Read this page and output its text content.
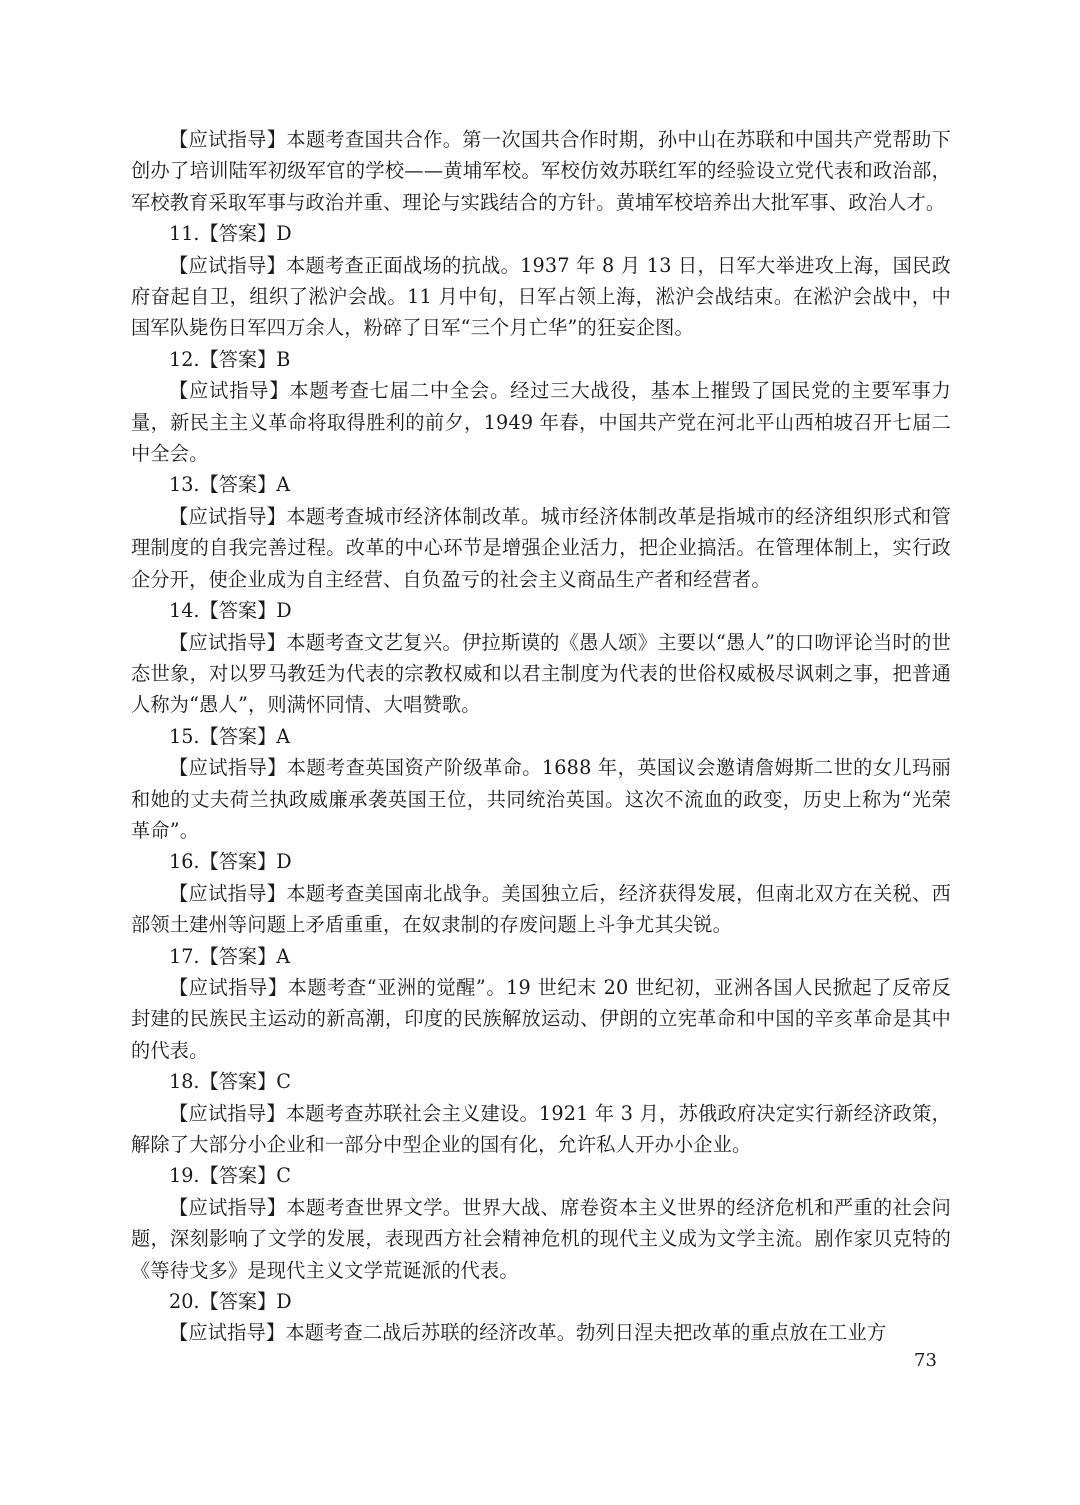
【应试指导】本题考查国共合作。第一次国共合作时期，孙中山在苏联和中国共产党帮助下创办了培训陆军初级军官的学校——黄埔军校。军校仿效苏联红军的经验设立党代表和政治部，军校教育采取军事与政治并重、理论与实践结合的方针。黄埔军校培养出大批军事、政治人才。

11.【答案】D

【应试指导】本题考查正面战场的抗战。1937 年 8 月 13 日，日军大举进攻上海，国民政府奋起自卫，组织了淞沪会战。11 月中旬，日军占领上海，淞沪会战结束。在淞沪会战中，中国军队毙伤日军四万余人，粉碎了日军“三个月亡华”的狂妄企图。

12.【答案】B

【应试指导】本题考查七届二中全会。经过三大战役，基本上摧毁了国民党的主要军事力量，新民主主义革命将取得胜利的前夕，1949 年春，中国共产党在河北平山西柏坡召开七届二中全会。

13.【答案】A

【应试指导】本题考查城市经济体制改革。城市经济体制改革是指城市的经济组织形式和管理制度的自我完善过程。改革的中心环节是增强企业活力，把企业搞活。在管理体制上，实行政企分开，使企业成为自主经营、自负盈亏的社会主义商品生产者和经营者。

14.【答案】D

【应试指导】本题考查文艺复兴。伊拉斯谟的《愚人颂》主要以“愚人”的口吻评论当时的世态世象，对以罗马教廷为代表的宗教权威和以君主制度为代表的世俗权威极尽讽刺之事，把普通人称为“愚人”，则满怀同情、大唱赞歌。

15.【答案】A

【应试指导】本题考查英国资产阶级革命。1688 年，英国议会邀请詹姆斯二世的女儿玛丽和她的丈夫荷兰执政威廉承袭英国王位，共同统治英国。这次不流血的政变，历史上称为“光荣革命”。

16.【答案】D

【应试指导】本题考查美国南北战争。美国独立后，经济获得发展，但南北双方在关税、西部领土建州等问题上矛盾重重，在奴隶制的存废问题上斗争尤其尖锐。

17.【答案】A

【应试指导】本题考查“亚洲的觉醒”。19 世纪末 20 世纪初，亚洲各国人民掀起了反帝反封建的民族民主运动的新高潮，印度的民族解放运动、伊朗的立宪革命和中国的辛亥革命是其中的代表。

18.【答案】C

【应试指导】本题考查苏联社会主义建设。1921 年 3 月，苏俄政府决定实行新经济政策，解除了大部分小企业和一部分中型企业的国有化，允许私人开办小企业。

19.【答案】C

【应试指导】本题考查世界文学。世界大战、席卷资本主义世界的经济危机和严重的社会问题，深刻影响了文学的发展，表现西方社会精神危机的现代主义成为文学主流。剧作家贝克特的《等待戈多》是现代主义文学荒诞派的代表。

20.【答案】D

【应试指导】本题考查二战后苏联的经济改革。勃列日涅夫把改革的重点放在工业方

73
